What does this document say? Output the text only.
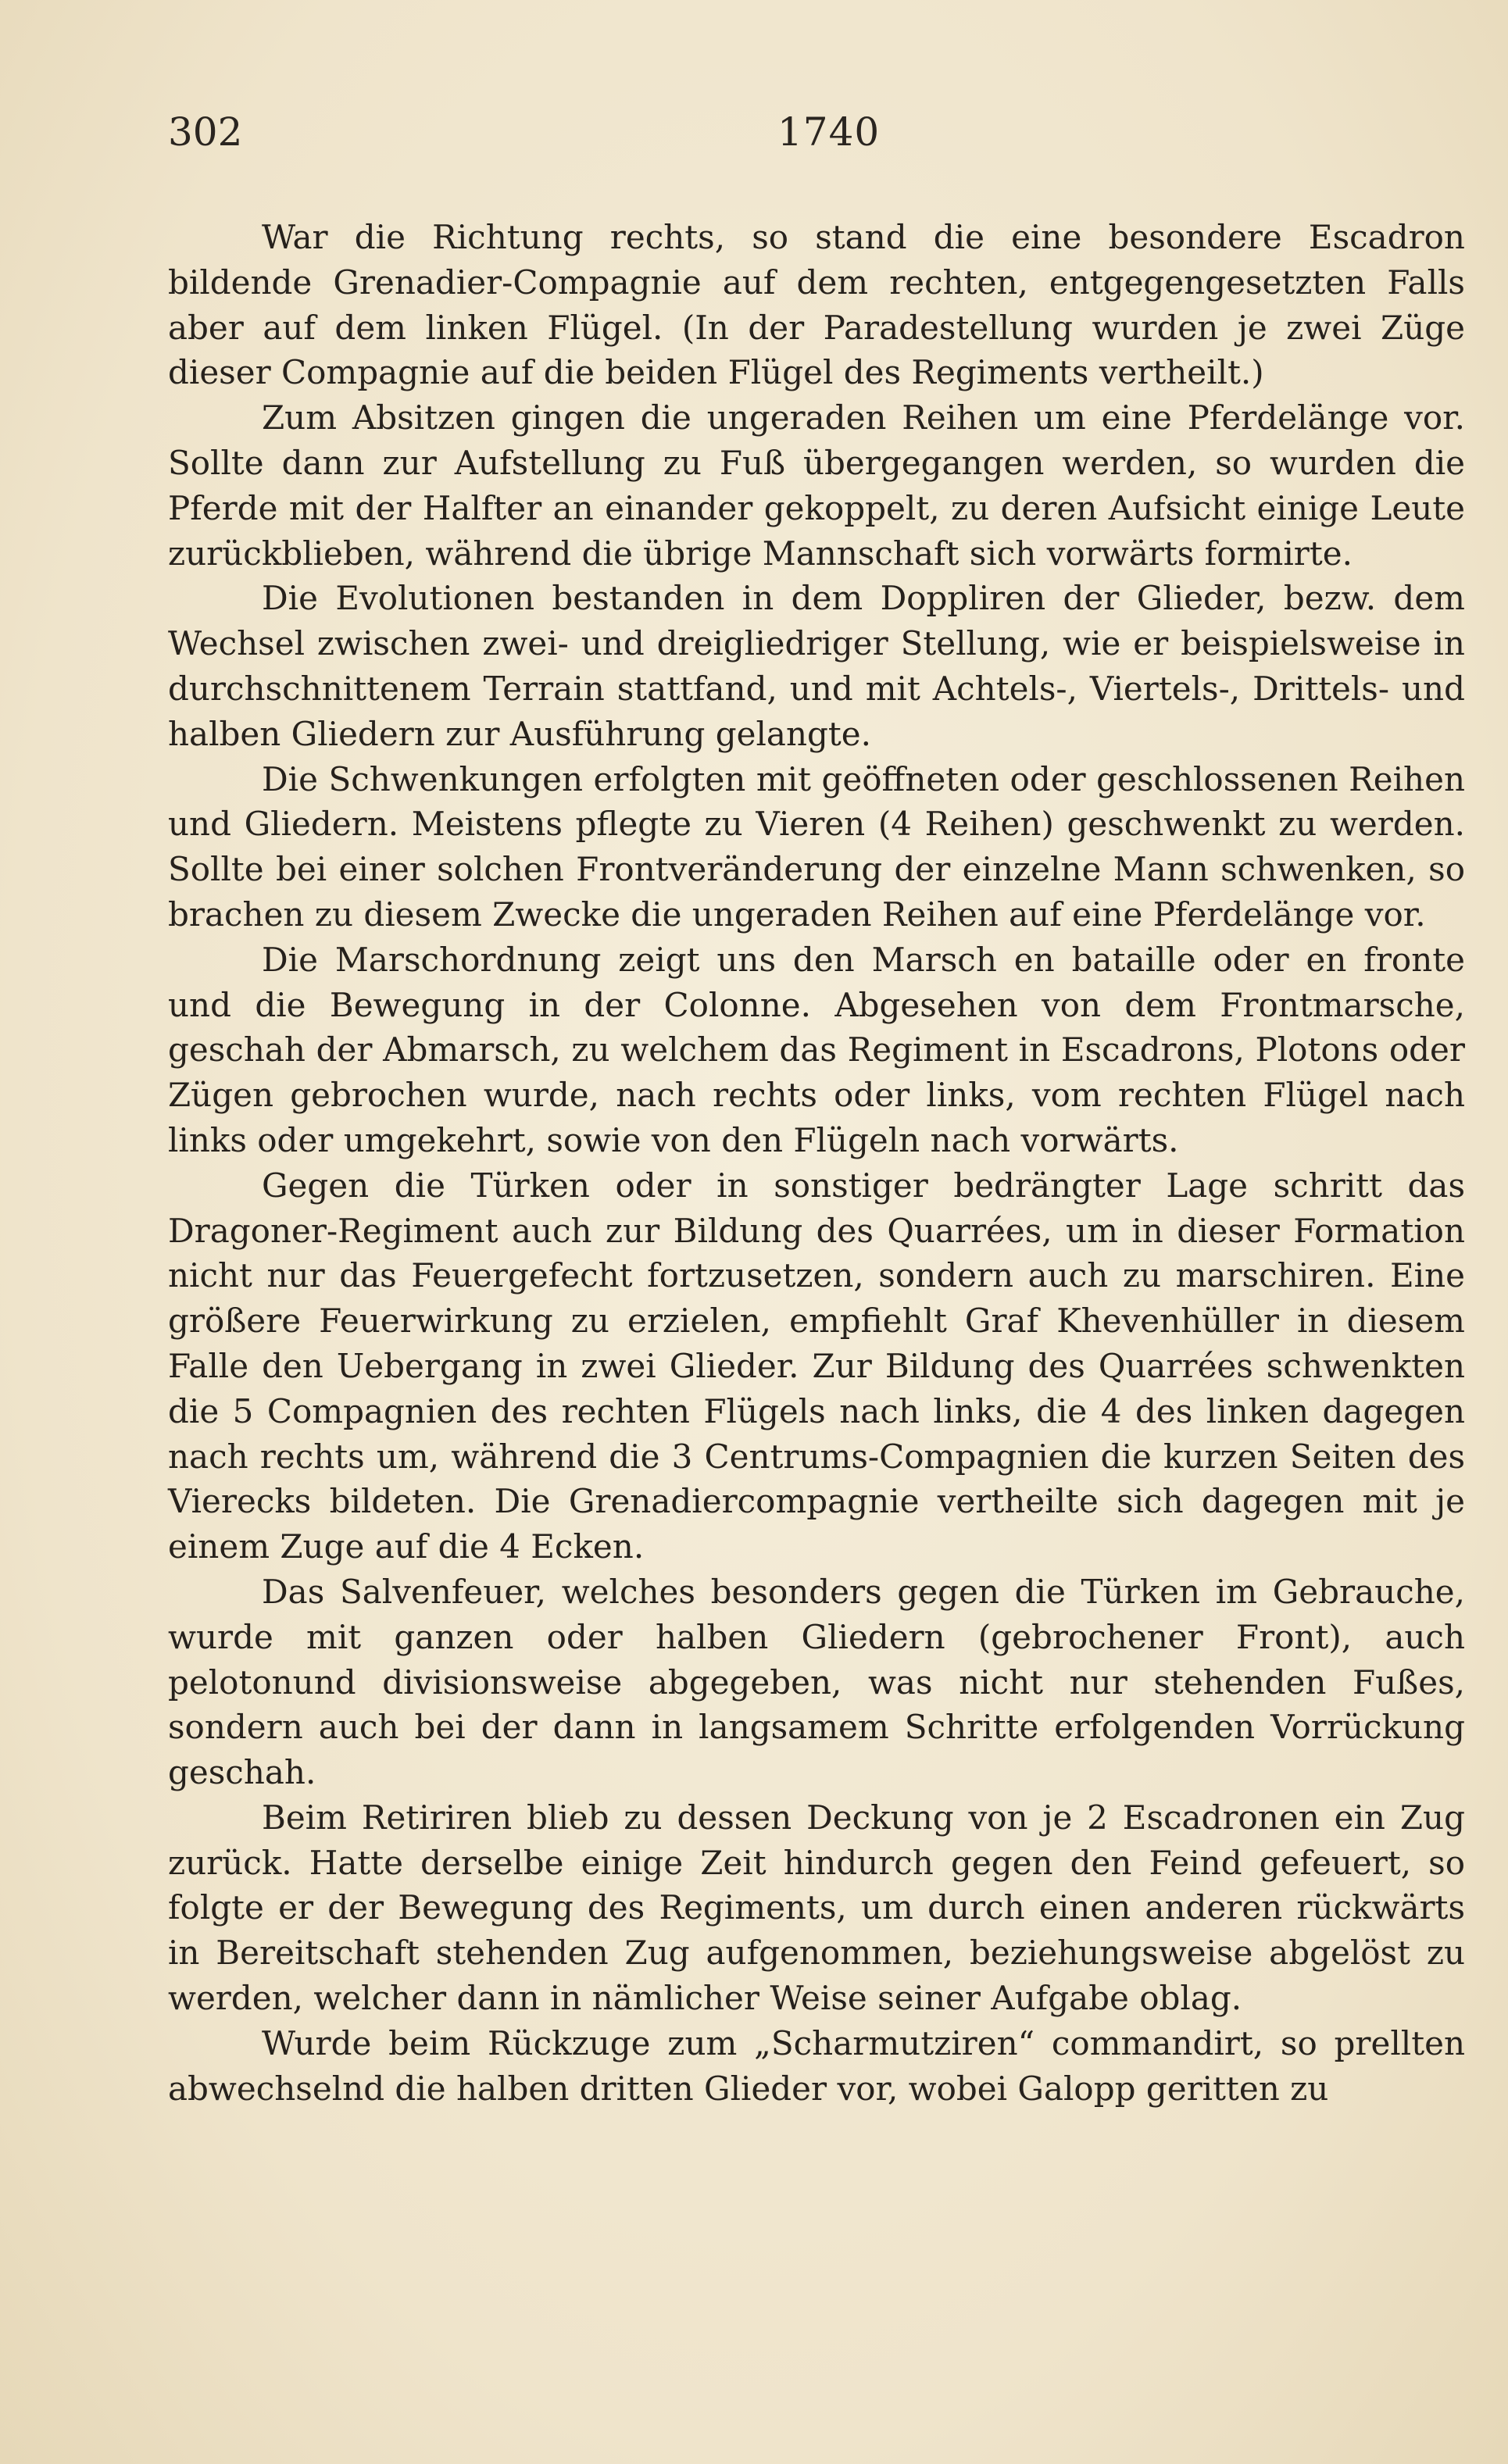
302	1740

War die Richtung rechts, so stand die eine besondere Escadron bildende Grenadier-Compagnie auf dem rechten, entgegengesetzten Falls aber auf dem linken Flügel. (In der Paradestellung wurden je zwei Züge dieser Compagnie auf die beiden Flügel des Regiments vertheilt.)

Zum Absitzen gingen die ungeraden Reihen um eine Pferdelänge vor. Sollte dann zur Aufstellung zu Fuß übergegangen werden, so wurden die Pferde mit der Halfter an einander gekoppelt, zu deren Aufsicht einige Leute zurückblieben, während die übrige Mannschaft sich vorwärts formirte.

Die Evolutionen bestanden in dem Doppliren der Glieder, bezw. dem Wechsel zwischen zwei- und dreigliedriger Stellung, wie er beispielsweise in durchschnittenem Terrain stattfand, und mit Achtels-, Viertels-, Drittels- und halben Gliedern zur Ausführung gelangte.

Die Schwenkungen erfolgten mit geöffneten oder geschlossenen Reihen und Gliedern. Meistens pflegte zu Vieren (4 Reihen) geschwenkt zu werden. Sollte bei einer solchen Frontveränderung der einzelne Mann schwenken, so brachen zu diesem Zwecke die ungeraden Reihen auf eine Pferdelänge vor.

Die Marschordnung zeigt uns den Marsch en bataille oder en fronte und die Bewegung in der Colonne. Abgesehen von dem Frontmarsche, geschah der Abmarsch, zu welchem das Regiment in Escadrons, Plotons oder Zügen gebrochen wurde, nach rechts oder links, vom rechten Flügel nach links oder umgekehrt, sowie von den Flügeln nach vorwärts.

Gegen die Türken oder in sonstiger bedrängter Lage schritt das Dragoner-Regiment auch zur Bildung des Quarrées, um in dieser Formation nicht nur das Feuergefecht fortzusetzen, sondern auch zu marschiren. Eine größere Feuerwirkung zu erzielen, empfiehlt Graf Khevenhüller in diesem Falle den Uebergang in zwei Glieder. Zur Bildung des Quarrées schwenkten die 5 Compagnien des rechten Flügels nach links, die 4 des linken dagegen nach rechts um, während die 3 Centrums-Compagnien die kurzen Seiten des Vierecks bildeten. Die Grenadiercompagnie vertheilte sich dagegen mit je einem Zuge auf die 4 Ecken.

Das Salvenfeuer, welches besonders gegen die Türken im Gebrauche, wurde mit ganzen oder halben Gliedern (gebrochener Front), auch pelotonund divisionsweise abgegeben, was nicht nur stehenden Fußes, sondern auch bei der dann in langsamem Schritte erfolgenden Vorrückung geschah.

Beim Retiriren blieb zu dessen Deckung von je 2 Escadronen ein Zug zurück. Hatte derselbe einige Zeit hindurch gegen den Feind gefeuert, so folgte er der Bewegung des Regiments, um durch einen anderen rückwärts in Bereitschaft stehenden Zug aufgenommen, beziehungsweise abgelöst zu werden, welcher dann in nämlicher Weise seiner Aufgabe oblag.

Wurde beim Rückzuge zum „Scharmutziren“ commandirt, so prellten abwechselnd die halben dritten Glieder vor, wobei Galopp geritten zu
